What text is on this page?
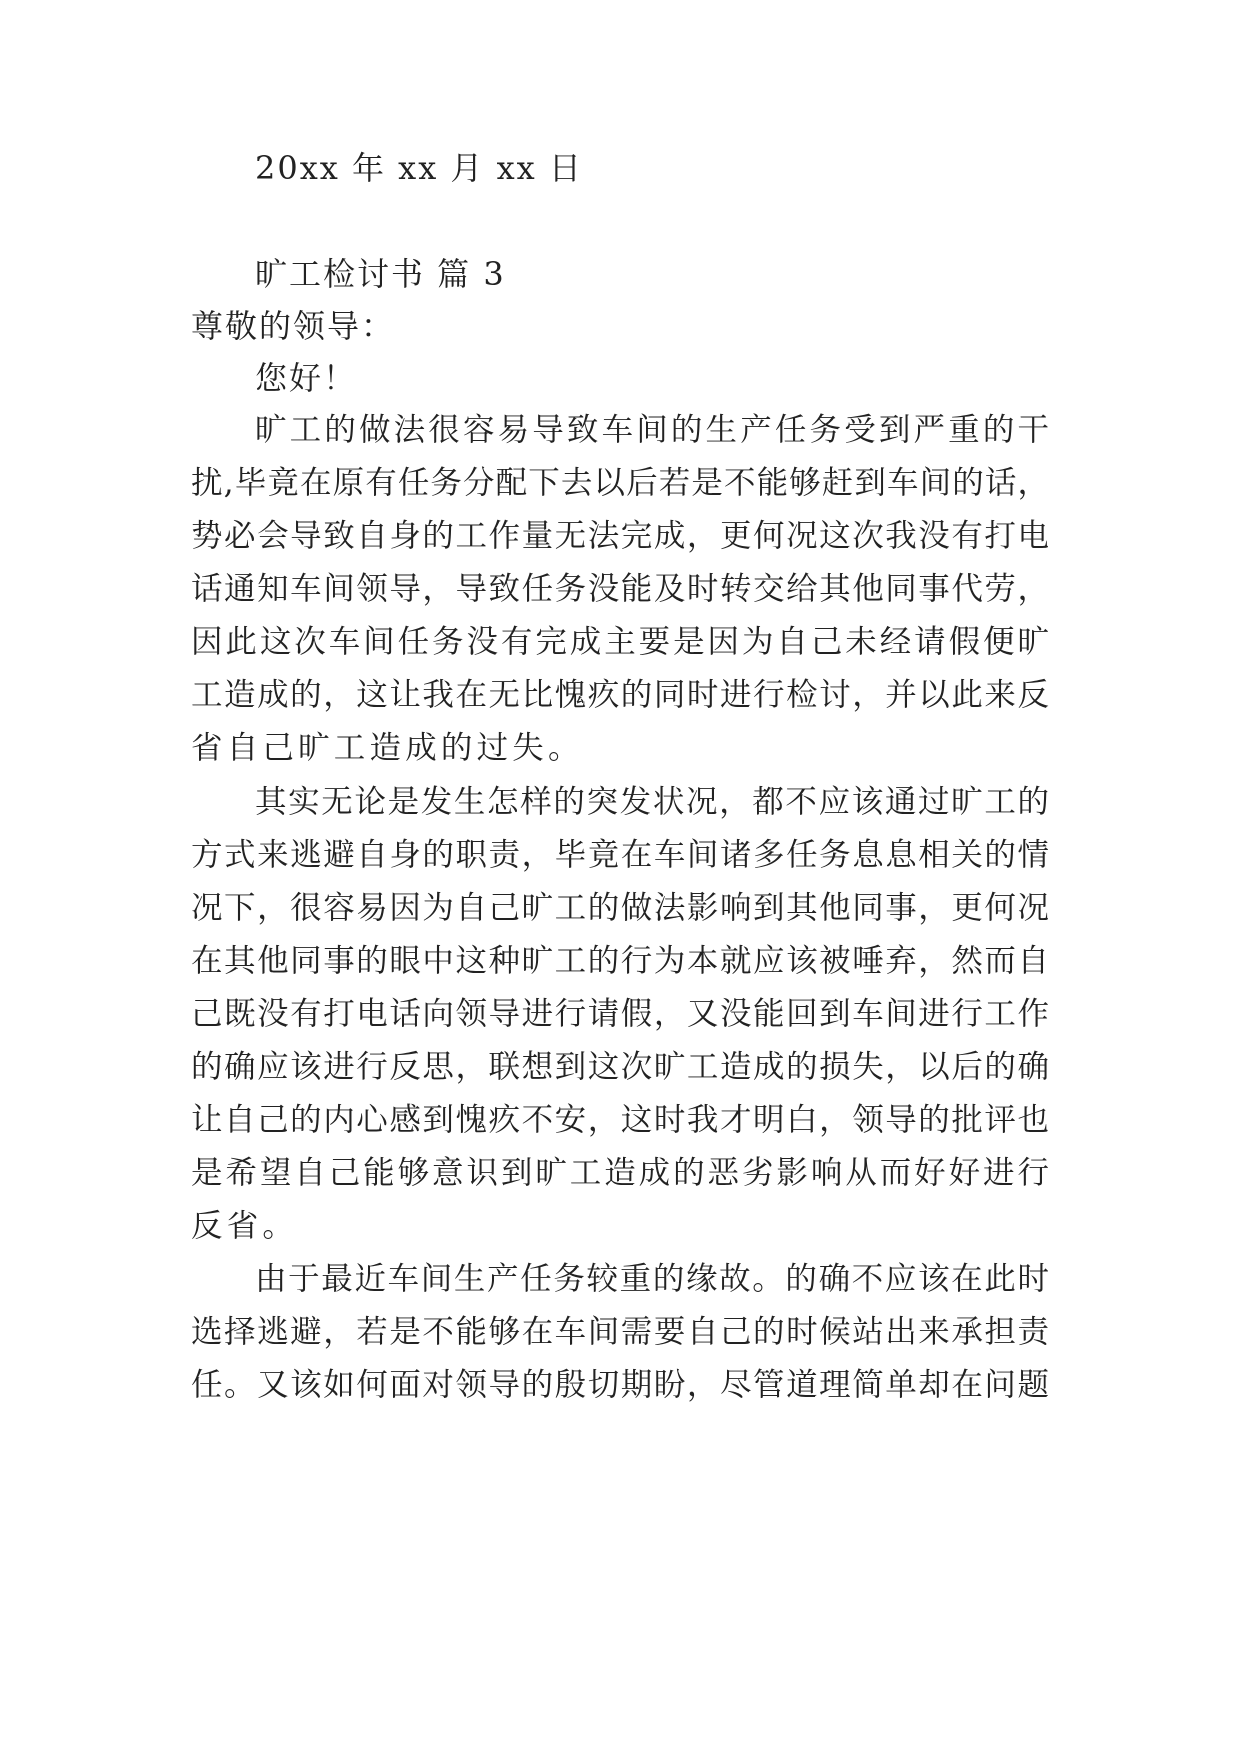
20xx 年 xx 月 xx 日
旷工检讨书 篇 3
尊敬的领导：
您好！
旷工的做法很容易导致车间的生产任务受到严重的干
扰,毕竟在原有任务分配下去以后若是不能够赶到车间的话，
势必会导致自身的工作量无法完成，更何况这次我没有打电
话通知车间领导，导致任务没能及时转交给其他同事代劳，
因此这次车间任务没有完成主要是因为自己未经请假便旷
工造成的，这让我在无比愧疚的同时进行检讨，并以此来反
省自己旷工造成的过失。
其实无论是发生怎样的突发状况，都不应该通过旷工的
方式来逃避自身的职责，毕竟在车间诸多任务息息相关的情
况下，很容易因为自己旷工的做法影响到其他同事，更何况
在其他同事的眼中这种旷工的行为本就应该被唾弃，然而自
己既没有打电话向领导进行请假，又没能回到车间进行工作
的确应该进行反思，联想到这次旷工造成的损失，以后的确
让自己的内心感到愧疚不安，这时我才明白，领导的批评也
是希望自己能够意识到旷工造成的恶劣影响从而好好进行
反省。
由于最近车间生产任务较重的缘故。的确不应该在此时
选择逃避，若是不能够在车间需要自己的时候站出来承担责
任。又该如何面对领导的殷切期盼，尽管道理简单却在问题
